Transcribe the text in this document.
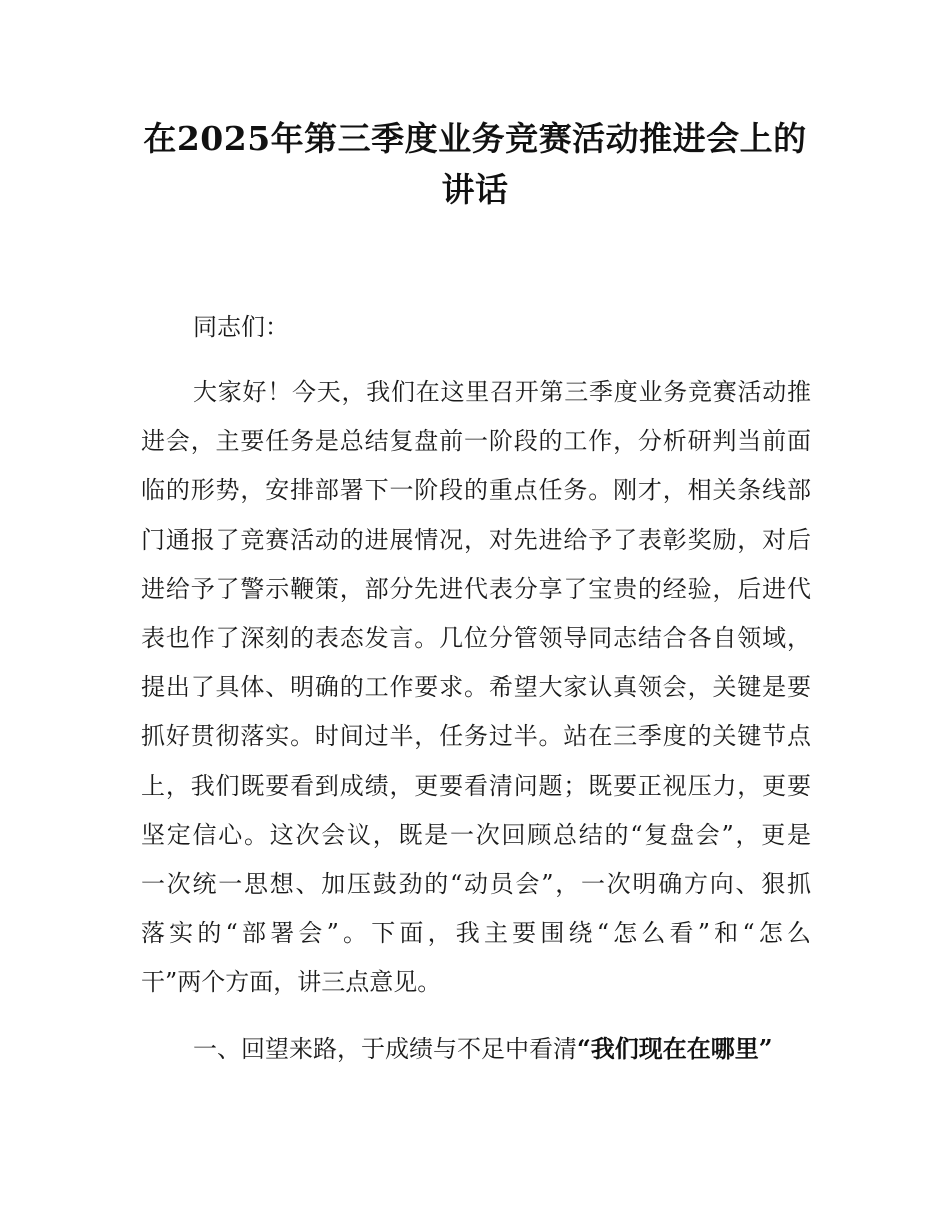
在2025年第三季度业务竞赛活动推进会上的
讲话

同志们：

大家好！今天，我们在这里召开第三季度业务竞赛活动推
进会，主要任务是总结复盘前一阶段的工作，分析研判当前面
临的形势，安排部署下一阶段的重点任务。刚才，相关条线部
门通报了竞赛活动的进展情况，对先进给予了表彰奖励，对后
进给予了警示鞭策，部分先进代表分享了宝贵的经验，后进代
表也作了深刻的表态发言。几位分管领导同志结合各自领域，
提出了具体、明确的工作要求。希望大家认真领会，关键是要
抓好贯彻落实。时间过半，任务过半。站在三季度的关键节点
上，我们既要看到成绩，更要看清问题；既要正视压力，更要
坚定信心。这次会议，既是一次回顾总结的“复盘会”，更是
一次统一思想、加压鼓劲的“动员会”，一次明确方向、狠抓
落实的“部署会”。下面，我主要围绕“怎么看”和“怎么
干”两个方面，讲三点意见。

一、回望来路，于成绩与不足中看清“我们现在在哪里”
